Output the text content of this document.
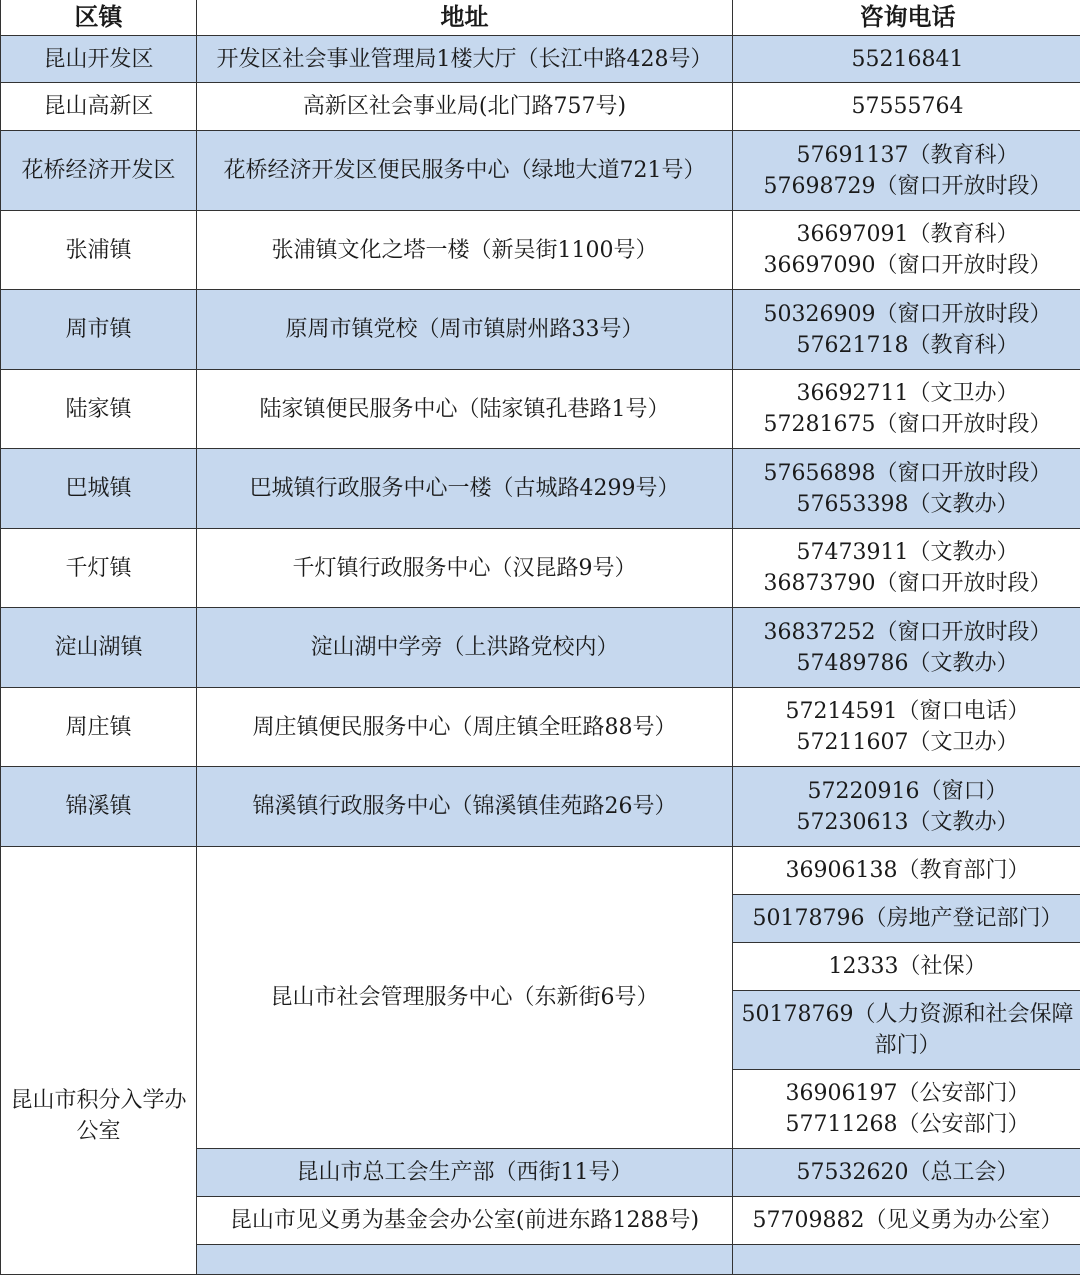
区镇	地址	咨询电话
昆山开发区	开发区社会事业管理局1楼大厅（长江中路428号）	55216841

昆山高新区	高新区社会事业局(北门路757号)	57555764

花桥经济开发区	花桥经济开发区便民服务中心（绿地大道721号）	57691137（教育科）
57698729（窗口开放时段）

张浦镇	张浦镇文化之塔一楼（新吴街1100号）	36697091（教育科）
36697090（窗口开放时段）

周市镇	原周市镇党校（周市镇尉州路33号）	50326909（窗口开放时段）
57621718（教育科）

陆家镇	陆家镇便民服务中心（陆家镇孔巷路1号）	36692711（文卫办）
57281675（窗口开放时段）

巴城镇	巴城镇行政服务中心一楼（古城路4299号）	57656898（窗口开放时段）
57653398（文教办）

千灯镇	千灯镇行政服务中心（汉昆路9号）	57473911（文教办）
36873790（窗口开放时段）

淀山湖镇	淀山湖中学旁（上洪路党校内）	36837252（窗口开放时段）
57489786（文教办）

周庄镇	周庄镇便民服务中心（周庄镇全旺路88号）	57214591（窗口电话）
57211607（文卫办）

锦溪镇	锦溪镇行政服务中心（锦溪镇佳苑路26号）	57220916（窗口）
57230613（文教办）

昆山市积分入学办公室	昆山市社会管理服务中心（东新街6号）	36906138（教育部门）

		50178796（房地产登记部门）

		12333（社保）

		50178769（人力资源和社会保障部门）

		36906197（公安部门）
57711268（公安部门）

	昆山市总工会生产部（西街11号）	57532620（总工会）
	昆山市见义勇为基金会办公室(前进东路1288号)	57709882（见义勇为办公室）
